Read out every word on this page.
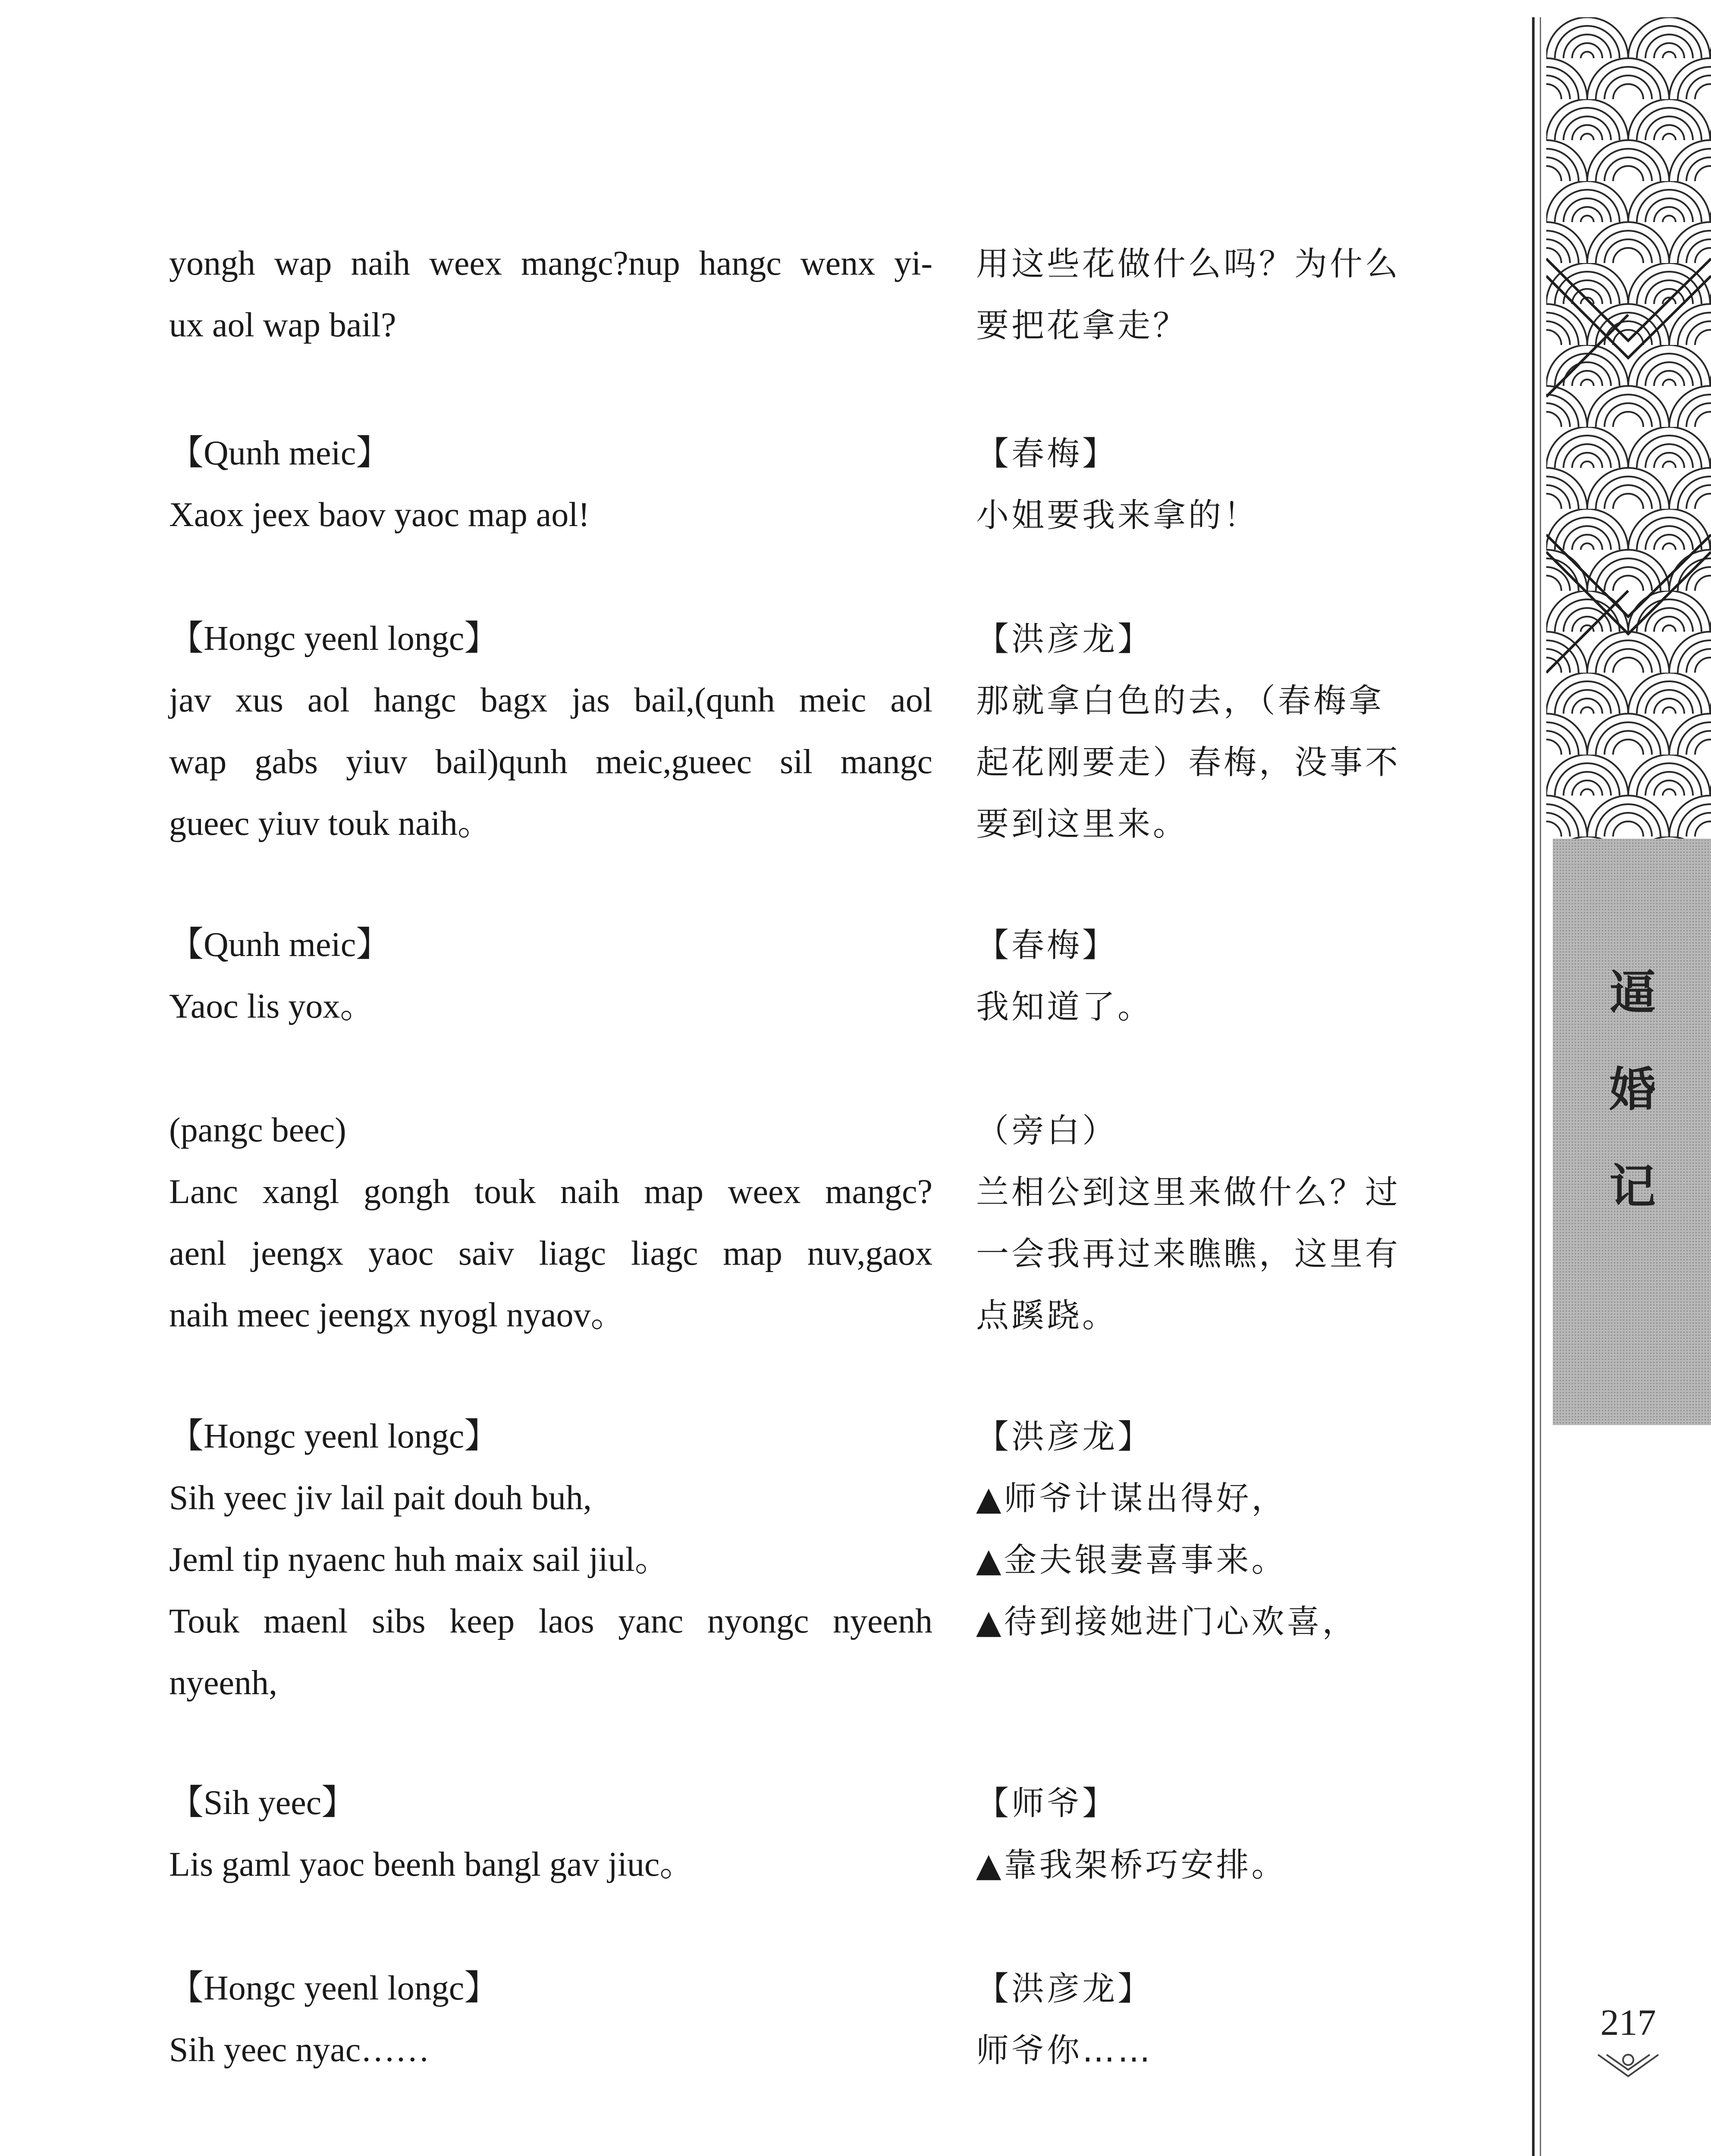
yongh wap naih weex mangc?nup hangc wenx yi-
ux aol wap bail?
【Qunh meic】
Xaox jeex baov yaoc map aol!
【Hongc yeenl longc】
jav xus aol hangc bagx jas bail,(qunh meic aol
wap gabs yiuv bail)qunh meic,gueec sil mangc
gueec yiuv touk naih。
【Qunh meic】
Yaoc lis yox。
(pangc beec)
Lanc xangl gongh touk naih map weex mangc?
aenl jeengx yaoc saiv liagc liagc map nuv,gaox
naih meec jeengx nyogl nyaov。
【Hongc yeenl longc】
Sih yeec jiv lail pait douh buh,
Jeml tip nyaenc huh maix sail jiul。
Touk maenl sibs keep laos yanc nyongc nyeenh
nyeenh,
【Sih yeec】
Lis gaml yaoc beenh bangl gav jiuc。
【Hongc yeenl longc】
Sih yeec nyac……
用这些花做什么吗？为什么
要把花拿走？
【春梅】
小姐要我来拿的！
【洪彦龙】
那就拿白色的去，（春梅拿
起花刚要走）春梅，没事不
要到这里来。
【春梅】
我知道了。
（旁白）
兰相公到这里来做什么？过
一会我再过来瞧瞧，这里有
点蹊跷。
【洪彦龙】
▲师爷计谋出得好，
▲金夫银妻喜事来。
▲待到接她进门心欢喜，
【师爷】
▲靠我架桥巧安排。
【洪彦龙】
师爷你……
逼
婚
记
217
